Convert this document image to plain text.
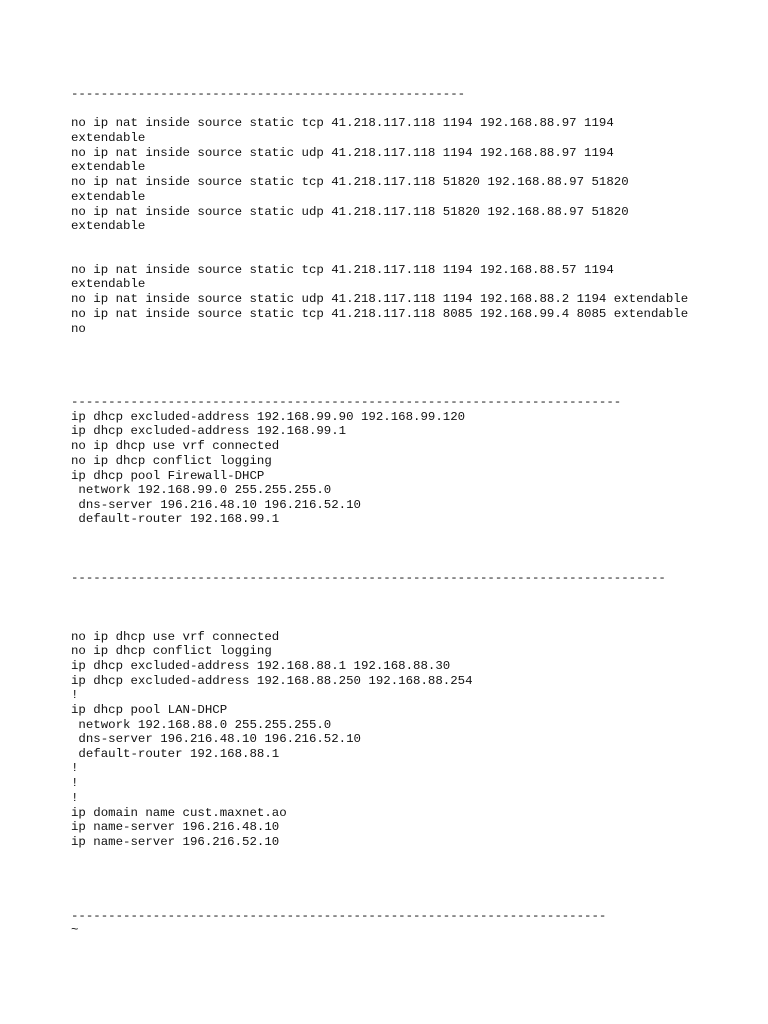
-----------------------------------------------------

no ip nat inside source static tcp 41.218.117.118 1194 192.168.88.97 1194

extendable

no ip nat inside source static udp 41.218.117.118 1194 192.168.88.97 1194

extendable

no ip nat inside source static tcp 41.218.117.118 51820 192.168.88.97 51820

extendable

no ip nat inside source static udp 41.218.117.118 51820 192.168.88.97 51820

extendable

no ip nat inside source static tcp 41.218.117.118 1194 192.168.88.57 1194

extendable

no ip nat inside source static udp 41.218.117.118 1194 192.168.88.2 1194 extendable

no ip nat inside source static tcp 41.218.117.118 8085 192.168.99.4 8085 extendable

no

--------------------------------------------------------------------------

ip dhcp excluded-address 192.168.99.90 192.168.99.120

ip dhcp excluded-address 192.168.99.1

no ip dhcp use vrf connected

no ip dhcp conflict logging

ip dhcp pool Firewall-DHCP

network 192.168.99.0 255.255.255.0

dns-server 196.216.48.10 196.216.52.10

default-router 192.168.99.1

--------------------------------------------------------------------------------

no ip dhcp use vrf connected

no ip dhcp conflict logging

ip dhcp excluded-address 192.168.88.1 192.168.88.30

ip dhcp excluded-address 192.168.88.250 192.168.88.254

!

ip dhcp pool LAN-DHCP

network 192.168.88.0 255.255.255.0

dns-server 196.216.48.10 196.216.52.10

default-router 192.168.88.1

!

!

!

ip domain name cust.maxnet.ao

ip name-server 196.216.48.10

ip name-server 196.216.52.10

------------------------------------------------------------------------

~
